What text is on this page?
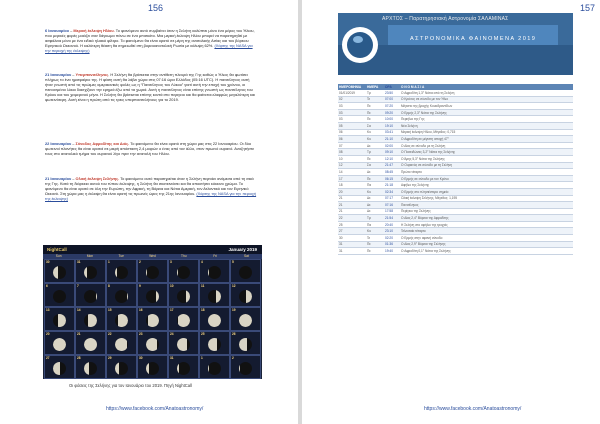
156

6 Ιανουαρίου – Μερική έκλειψη Ηλίου. Το φαινόμενο αυτό συμβαίνει όταν η Σελήνη καλύπτει μόνο ένα μέρος του Ήλιου, που μερικές φορές μοιάζει σαν δάγκωμα πάνω σε ένα μπισκότο. Μια μερική έκλειψη Ηλίου μπορεί να παρατηρηθεί με ασφάλεια μόνο με ένα ειδικό ηλιακό φίλτρο. Το φαινόμενο θα είναι ορατό σε μέρη της ανατολικής Ασίας και του βόρειου Ειρηνικού Ωκεανού. Η καλύτερη θέαση θα σημειωθεί στη βορειοανατολική Ρωσία με κάλυψη 62%. (Χάρτης της NASA για την περιοχή της έκλειψης)

21 Ιανουαρίου – Υπερπανσέληνος. Η Σελήνη θα βρίσκεται στην αντίθετη πλευρά της Γης καθώς ο Ήλιος θα φωτίσει πλήρως το ένα ημισφαίριο της. Η φάση αυτή θα λάβει χώρα στις 07:16 ώρα Ελλάδος (05:16 UTC). Η πανσέληνος αυτή ήταν γνωστή από τις πρώιμες αμερικανικές φυλές ως η “Πανσέληνος του Λύκου” γιατί αυτή την εποχή του χρόνου, οι πεινασμένοι λύκοι διασχίζουν την ερημιά έξω από τα χωριά. Αυτή η πανσέληνος είναι επίσης γνωστή ως πανσέληνος του Κρύου και του χειμερινού μήνα. Η Σελήνη θα βρίσκεται επίσης κοντά στο περιγειο και θα φαίνεται ελαφρώς μεγαλύτερη και φωτεινότερη. Αυτή είναι η πρώτη από τις τρεις υπερπανσελήνους για το 2019.

22 Ιανουαρίου – Σύνοδος Αφροδίτης και Διός. Το φαινόμενο θα είναι ορατό στη χώρα μας στις 22 Ιανουαρίου. Οι δύο φωτεινοί πλανήτες θα είναι ορατοί σε μικρή απόσταση 2,4 μοιρών ο ένας από τον άλλο, στον πρωινό ουρανό. Αναζητήστε τους στο ανατολικό τμήμα του ουρανού λίγο πριν την ανατολή του Ηλίου.

21 Ιανουαρίου – Ολική έκλειψη Σελήνης. Το φαινόμενο αυτό παρατηρείται όταν η Σελήνη περνάει ανάμεσα από τη σκιά της Γης. Κατά τη διάρκεια αυτού του τύπου έκλειψης, η Σελήνη θα σκοτεινιάσει και θα αποκτήσει κόκκινο χρώμα. Το φαινόμενο θα είναι ορατό σε όλη την Ευρώπη, την Αφρική, τη Βόρεια και Νότια Αμερική, τον Ατλαντικό και τον Ειρηνικό Ωκεανό. Στη χώρα μας η έκλειψη θα είναι ορατή τις πρωινές ώρες της 21ης Ιανουαρίου. (Χάρτης της NASA για την περιοχή της έκλειψης)

NightCall	January 2019
Sun	Mon	Tue	Wed	Thu	Fri	Sat
30	31	1	2	3	4	5
6	7	8	9	10	11	12
13	14	15	16	17	18	19
20	21	22	23	24	25	26
27	28	29	30	31	1	2
Οι φάσεις της Σελήνης για τον Ιανουάριο του 2019. Πηγή NightCall
https://www.facebook.com/Anatoastronomy/
157
ΑΡΧΤΟΣ – Παρατηρησιακή Αστρονομία ΣΑΛΑΜΙΝΑΣ
ΑΣΤΡΟΝΟΜΙΚΑ ΦΑΙΝΟΜΕΝΑ 2019
ΗΜΕΡΟΜΗΝΙΑ	ΗΜΕΡΑ	ΩΡΑ	Ο Ν Ο Μ Α Σ Ι Α
01/01/2019	Τρ	23:50	Ο Αφροδίτη 1,3° Νότια από τη Σελήνη
02	Τε	07:00	Ο Κρόνος σε σύνοδο με τον Ήλιο
03	Πε	07:20	Μέγιστο της βροχής Κουαδραντίδων
03	Πε	09:20	Ο Ερμής 2,3° Νότια της Σελήνης
03	Πε	10:00	Περιήλιο της Γης
05	Σα	19:10	Νέα Σελήνη
06	Κυ	03:41	Μερική έκλειψη Ηλίου, Μέγεθος: 0,715
06	Κυ	21:10	Ο Αφροδίτη σε μέγιστη αποχή 47°
07	Δε	02:00	Ο Δίας σε σύνοδο με τη Σελήνη
08	Τρ	09:10	Ο Ποσειδώνας 3,2° Νότια της Σελήνης
10	Πε	12:10	Ο Άρης 5,3° Νότια της Σελήνης
12	Σα	21:47	Ο Ουρανός σε σύνοδο με τη Σελήνη
14	Δε	08:45	Πρώτο τέταρτο
17	Πε	06:15	Ο Ερμής σε σύνοδο με τον Κρόνο
18	Πα	21:18	Αφήλιο της Σελήνης
20	Κυ	02:34	Ο Ερμής στο πλησιέστερο σημείο
21	Δε	07:17	Ολική έκλειψη Σελήνης, Μέγεθος: 1,195
21	Δε	07:16	Πανσέληνος
21	Δε	17:58	Περίγειο της Σελήνης
22	Τρ	21:54	Ο Δίας 2,4° Βόρεια της Αφροδίτης
25	Πα	20:40	Η Σελήνη στο αφήλιο της τροχιάς
27	Κυ	23:10	Τελευταίο τέταρτο
30	Τε	02:20	Ο Ερμής στην αφανή σύνοδο
31	Πε	01:36	Ο Δίας 2,9° Βόρεια της Σελήνης
31	Πε	19:40	Ο Αφροδίτη 0,1° Νότια της Σελήνης
https://www.facebook.com/Anatoastronomy/
